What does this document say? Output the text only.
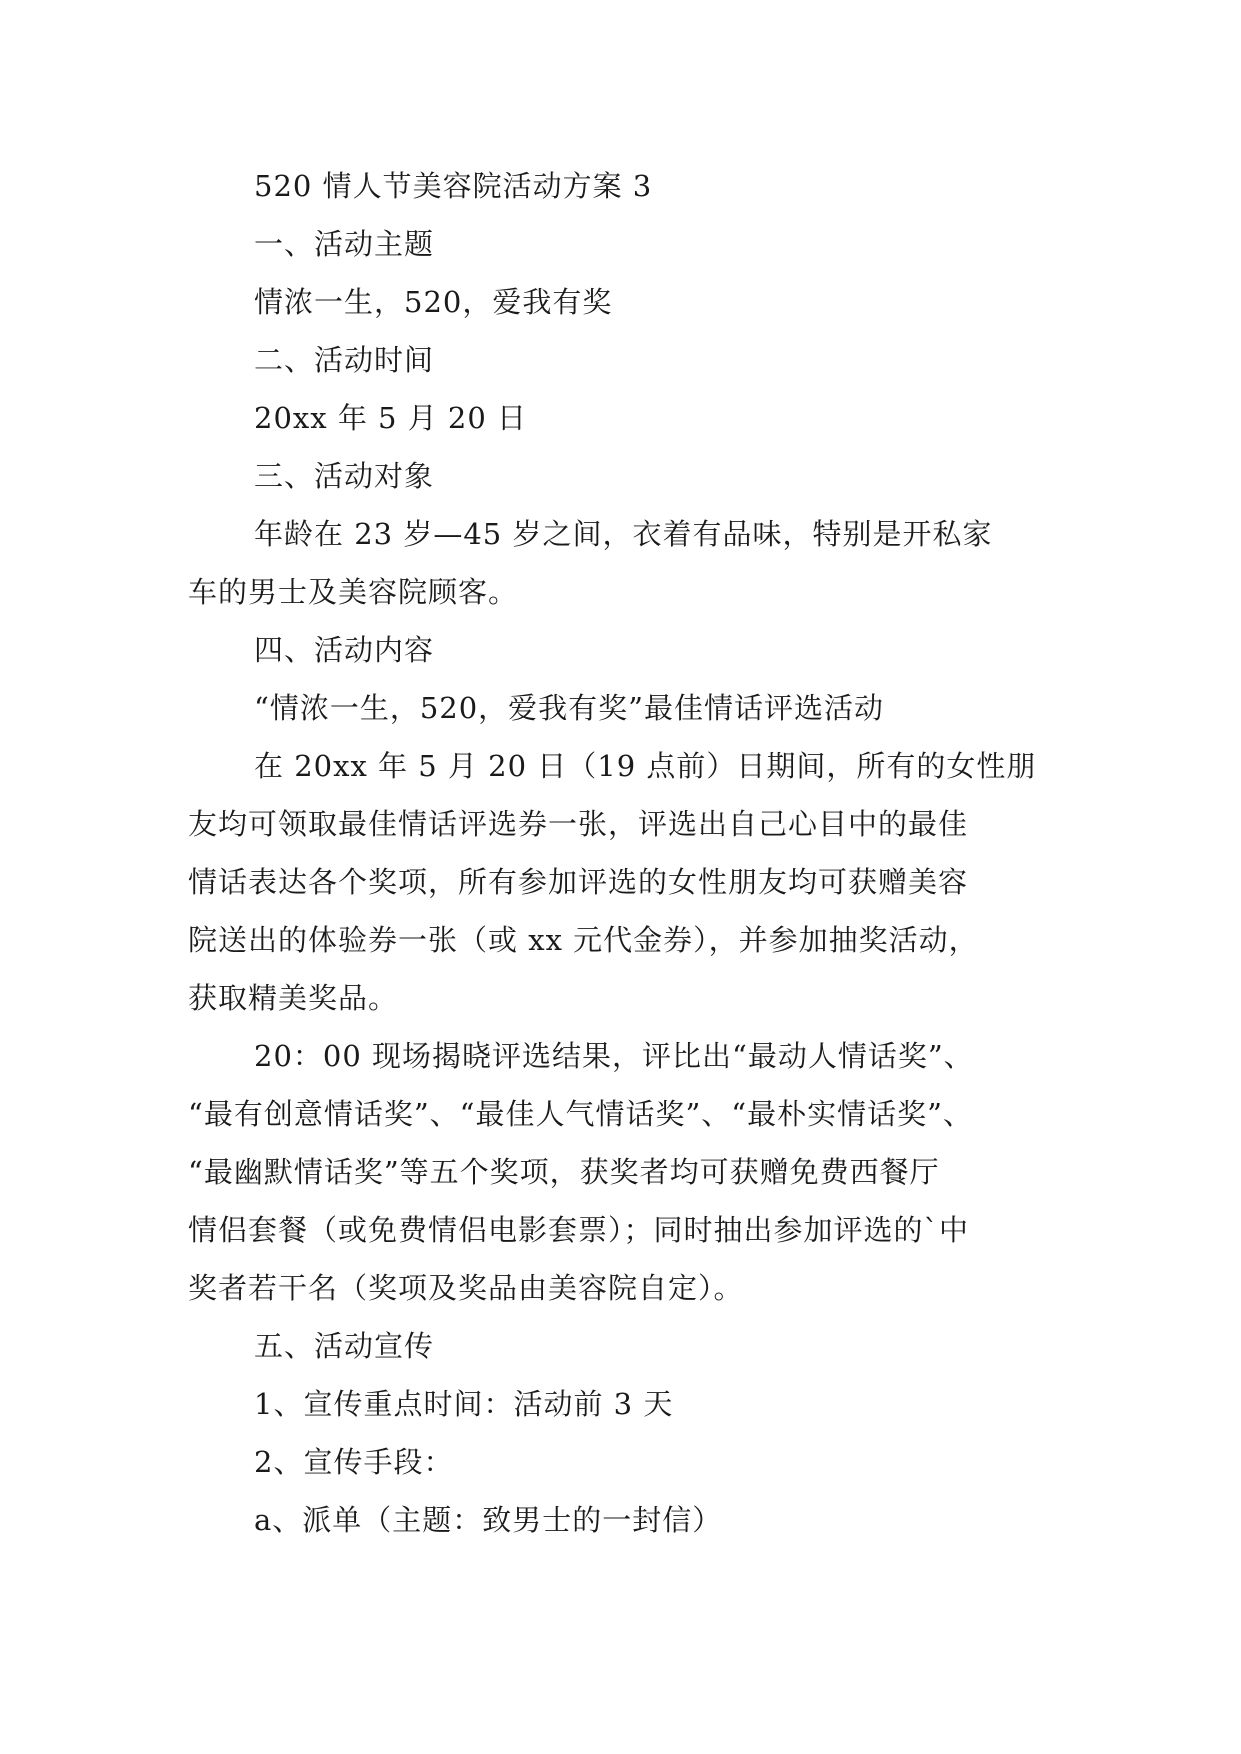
520 情人节美容院活动方案 3
一、活动主题
情浓一生，520，爱我有奖
二、活动时间
20xx 年 5 月 20 日
三、活动对象
年龄在 23 岁—45 岁之间，衣着有品味，特别是开私家
车的男士及美容院顾客。
四、活动内容
“情浓一生，520，爱我有奖”最佳情话评选活动
在 20xx 年 5 月 20 日（19 点前）日期间，所有的女性朋
友均可领取最佳情话评选券一张，评选出自己心目中的最佳
情话表达各个奖项，所有参加评选的女性朋友均可获赠美容
院送出的体验券一张（或 xx 元代金券），并参加抽奖活动，
获取精美奖品。
20：00 现场揭晓评选结果，评比出“最动人情话奖”、
“最有创意情话奖”、“最佳人气情话奖”、“最朴实情话奖”、
“最幽默情话奖”等五个奖项，获奖者均可获赠免费西餐厅
情侣套餐（或免费情侣电影套票）；同时抽出参加评选的`中
奖者若干名（奖项及奖品由美容院自定）。
五、活动宣传
1、宣传重点时间：活动前 3 天
2、宣传手段：
a、派单（主题：致男士的一封信）
